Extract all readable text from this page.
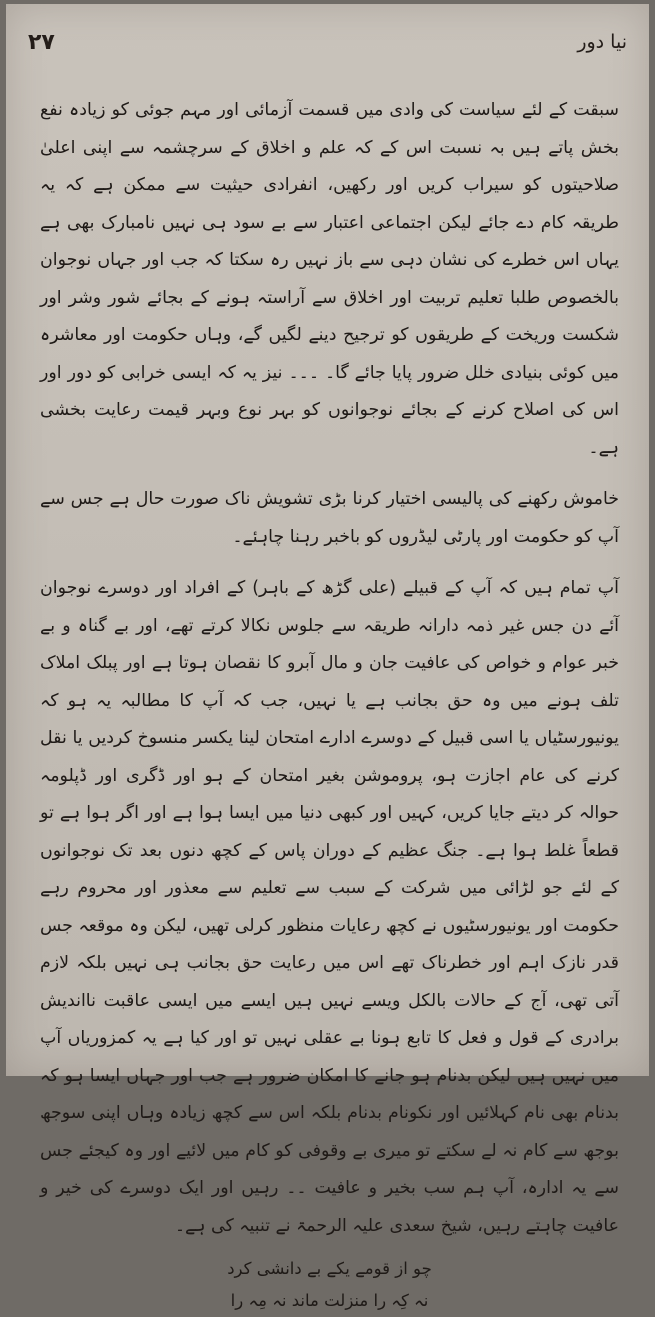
۲۷	نیا دور

سبقت کے لئے سیاست کی وادی میں قسمت آزمائی اور مہم جوئی کو زیادہ نفع بخش پاتے ہیں بہ نسبت اس کے کہ علم و اخلاق کے سرچشمہ سے اپنی اعلیٰ صلاحیتوں کو سیراب کریں اور رکھیں، انفرادی حیثیت سے ممکن ہے کہ یہ طریقہ کام دے جائے لیکن اجتماعی اعتبار سے بے سود ہی نہیں نامبارک بھی ہے یہاں اس خطرے کی نشان دہی سے باز نہیں رہ سکتا کہ جب اور جہاں نوجوان بالخصوص طلبا تعلیم تربیت اور اخلاق سے آراستہ ہونے کے بجائے شور وشر اور شکست وریخت کے طریقوں کو ترجیح دینے لگیں گے، وہاں حکومت اور معاشرہ میں کوئی بنیادی خلل ضرور پایا جائے گا۔ ۔۔۔ نیز یہ کہ ایسی خرابی کو دور اور اس کی اصلاح کرنے کے بجائے نوجوانوں کو بہر نوع وبہر قیمت رعایت بخشی ہے۔

خاموش رکھنے کی پالیسی اختیار کرنا بڑی تشویش ناک صورت حال ہے جس سے آپ کو حکومت اور پارٹی لیڈروں کو باخبر رہنا چاہئے۔

آپ تمام ہیں کہ آپ کے قبیلے (علی گڑھ کے باہر) کے افراد اور دوسرے نوجوان آئے دن جس غیر ذمہ دارانہ طریقہ سے جلوس نکالا کرتے تھے، اور بے گناہ و بے خبر عوام و خواص کی عافیت جان و مال آبرو کا نقصان ہوتا ہے اور پبلک املاک تلف ہونے میں وہ حق بجانب ہے یا نہیں، جب کہ آپ کا مطالبہ یہ ہو کہ یونیورسٹیاں یا اسی قبیل کے دوسرے ادارے امتحان لینا یکسر منسوخ کردیں یا نقل کرنے کی عام اجازت ہو، پروموشن بغیر امتحان کے ہو اور ڈگری اور ڈپلومہ حوالہ کر دیتے جایا کریں، کہیں اور کبھی دنیا میں ایسا ہوا ہے اور اگر ہوا ہے تو قطعاً غلط ہوا ہے۔ جنگ عظیم کے دوران پاس کے کچھ دنوں بعد تک نوجوانوں کے لئے جو لڑائی میں شرکت کے سبب سے تعلیم سے معذور اور محروم رہے حکومت اور یونیورسٹیوں نے کچھ رعایات منظور کرلی تھیں، لیکن وہ موقعہ جس قدر نازک اہم اور خطرناک تھے اس میں رعایت حق بجانب ہی نہیں بلکہ لازم آتی تھی، آج کے حالات بالکل ویسے نہیں ہیں ایسے میں ایسی عاقبت نااندیش برادری کے قول و فعل کا تابع ہونا بے عقلی نہیں تو اور کیا ہے یہ کمزوریاں آپ میں نہیں ہیں لیکن بدنام ہو جانے کا امکان ضرور ہے جب اور جہاں ایسا ہو کہ بدنام بھی نام کہلائیں اور نکونام بدنام بلکہ اس سے کچھ زیادہ وہاں اپنی سوجھ بوجھ سے کام نہ لے سکتے تو میری بے وقوفی کو کام میں لائیے اور وہ کیجئے جس سے یہ ادارہ، آپ ہم سب بخیر و عافیت ۔۔ رہیں اور ایک دوسرے کی خیر و عافیت چاہتے رہیں، شیخ سعدی علیہ الرحمۃ نے تنبیہ کی ہے۔

چو از قومے یکے بے دانشی کرد
نہ کِہ را منزلت ماند نہ مِہ را
